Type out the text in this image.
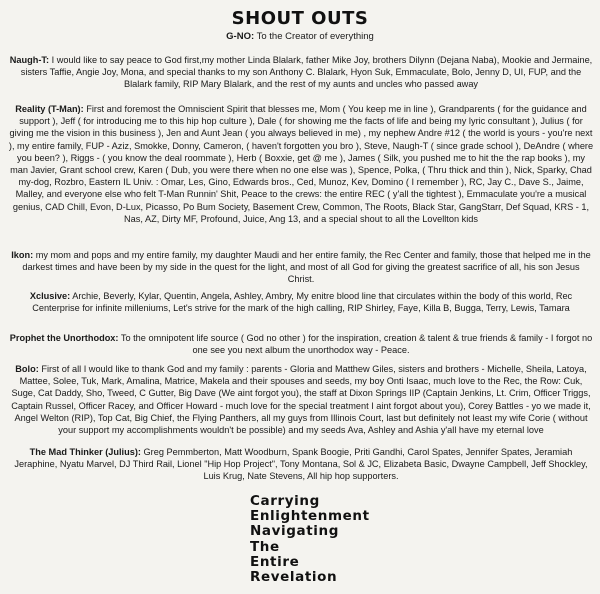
SHOUT OUTS
G-NO: To the Creator of everything
Naugh-T: I would like to say peace to God first,my mother Linda Blalark, father Mike Joy, brothers Dilynn (Dejana Naba), Mookie and Jermaine, sisters Taffie, Angie Joy, Mona, and special thanks to my son Anthony C. Blalark, Hyon Suk, Emmaculate, Bolo, Jenny D, UI, FUP, and the Blalark family, RIP Mary Blalark, and the rest of my aunts and uncles who passed away
Reality (T-Man): First and foremost the Omniscient Spirit that blesses me, Mom ( You keep me in line ), Grandparents ( for the guidance and support ), Jeff ( for introducing me to this hip hop culture ), Dale ( for showing me the facts of life and being my lyric consultant ), Julius ( for giving me the vision in this business ), Jen and Aunt Jean ( you always believed in me) , my nephew Andre #12 ( the world is yours - you're next ), my entire family, FUP - Aziz, Smokke, Donny, Cameron, ( haven't forgotten you bro ), Steve, Naugh-T ( since grade school ), DeAndre ( where you been? ), Riggs - ( you know the deal roommate ), Herb ( Boxxie, get @ me ), James ( Silk, you pushed me to hit the the rap books ), my man Javier, Grant school crew, Karen ( Dub, you were there when no one else was ), Spence, Polka, ( Thru thick and thin ), Nick, Sparky, Chad my-dog, Rozbro, Eastern IL Univ. : Omar, Les, Gino, Edwards bros., Ced, Munoz, Kev, Domino ( I remember ), RC, Jay C., Dave S., Jaime, Malley, and everyone else who felt T-Man Runnin' Shit, Peace to the crews: the entire REC ( y'all the tightest ), Emmaculate you're a musical genius, CAD Chill, Evon, D-Lux, Picasso, Po Bum Society, Basement Crew, Common, The Roots, Black Star, GangStarr, Def Squad, KRS - 1, Nas, AZ, Dirty MF, Profound, Juice, Ang 13, and a special shout to all the Lovellton kids
Ikon: my mom and pops and my entire family, my daughter Maudi and her entire family, the Rec Center and family, those that helped me in the darkest times and have been by my side in the quest for the light, and most of all God for giving the greatest sacrifice of all, his son Jesus Christ.
Xclusive: Archie, Beverly, Kylar, Quentin, Angela, Ashley, Ambry, My enitre blood line that circulates within the body of this world, Rec Centerprise for infinite milleniums, Let's strive for the mark of the high calling, RIP Shirley, Faye, Killa B, Bugga, Terry, Lewis, Tamara
Prophet the Unorthodox: To the omnipotent life source ( God no other ) for the inspiration, creation & talent & true friends & family - I forgot no one see you next album the unorthodox way - Peace.
Bolo: First of all I would like to thank God and my family : parents - Gloria and Matthew Giles, sisters and brothers - Michelle, Sheila, Latoya, Mattee, Solee, Tuk, Mark, Amalina, Matrice, Makela and their spouses and seeds, my boy Onti Isaac, much love to the Rec, the Row: Cuk, Suge, Cat Daddy, Sho, Tweed, C Gutter, Big Dave (We aint forgot you), the staff at Dixon Springs IIP (Captain Jenkins, Lt. Crim, Officer Triggs, Captain Russel, Officer Racey, and Officer Howard - much love for the special treatment I aint forgot about you), Corey Battles - yo we made it, Angel Welton (RIP), Top Cat, Big Chief, the Flying Panthers, all my guys from Illinois Court, last but definitely not least my wife Corie ( without your support my accomplishments wouldn't be possible) and my seeds Ava, Ashley and Ashia y'all have my eternal love
The Mad Thinker (Julius): Greg Pemmberton, Matt Woodburn, Spank Boogie, Priti Gandhi, Carol Spates, Jennifer Spates, Jeramiah Jeraphine, Nyatu Marvel, DJ Third Rail, Lionel "Hip Hop Project", Tony Montana, Sol & JC, Elizabeta Basic, Dwayne Campbell, Jeff Shockley, Luis Krug, Nate Stevens, All hip hop supporters.
Carrying
Enlightenment
Navigating
The
Entire
Revelation
